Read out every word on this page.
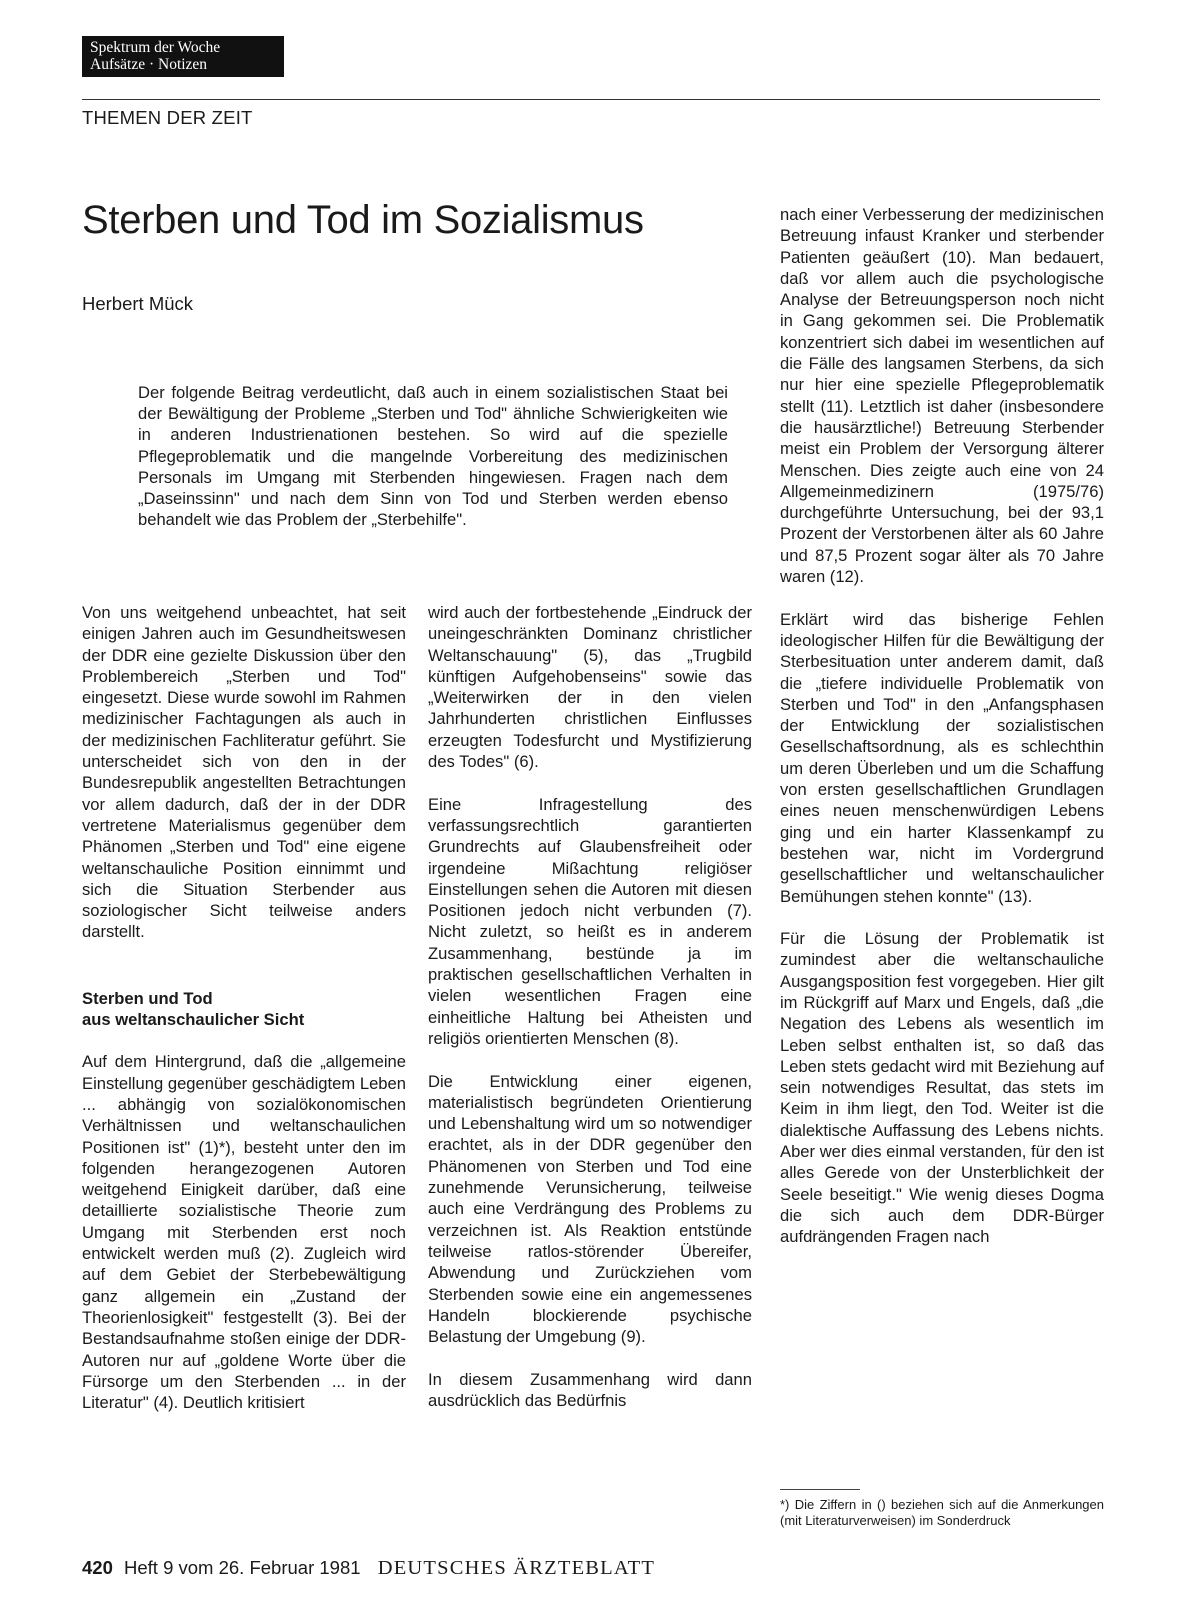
Spektrum der Woche
Aufsätze · Notizen
THEMEN DER ZEIT
Sterben und Tod im Sozialismus
Herbert Mück

Der folgende Beitrag verdeutlicht, daß auch in einem sozialistischen Staat bei der Bewältigung der Probleme „Sterben und Tod" ähnliche Schwierigkeiten wie in anderen Industrienationen bestehen. So wird auf die spezielle Pflegeproblematik und die mangelnde Vorbereitung des medizinischen Personals im Umgang mit Sterbenden hingewiesen. Fragen nach dem „Daseinssinn" und nach dem Sinn von Tod und Sterben werden ebenso behandelt wie das Problem der „Sterbehilfe".

Von uns weitgehend unbeachtet, hat seit einigen Jahren auch im Gesundheitswesen der DDR eine gezielte Diskussion über den Problembereich „Sterben und Tod" eingesetzt. Diese wurde sowohl im Rahmen medizinischer Fachtagungen als auch in der medizinischen Fachliteratur geführt. Sie unterscheidet sich von den in der Bundesrepublik angestellten Betrachtungen vor allem dadurch, daß der in der DDR vertretene Materialismus gegenüber dem Phänomen „Sterben und Tod" eine eigene weltanschauliche Position einnimmt und sich die Situation Sterbender aus soziologischer Sicht teilweise anders darstellt.

Sterben und Tod
aus weltanschaulicher Sicht

Auf dem Hintergrund, daß die „allgemeine Einstellung gegenüber geschädigtem Leben ... abhängig von sozialökonomischen Verhältnissen und weltanschaulichen Positionen ist" (1)*), besteht unter den im folgenden herangezogenen Autoren weitgehend Einigkeit darüber, daß eine detaillierte sozialistische Theorie zum Umgang mit Sterbenden erst noch entwickelt werden muß (2). Zugleich wird auf dem Gebiet der Sterbebewältigung ganz allgemein ein „Zustand der Theorienlosigkeit" festgestellt (3). Bei der Bestandsaufnahme stoßen einige der DDR-Autoren nur auf „goldene Worte über die Fürsorge um den Sterbenden ... in der Literatur" (4). Deutlich kritisiert

wird auch der fortbestehende „Eindruck der uneingeschränkten Dominanz christlicher Weltanschauung" (5), das „Trugbild künftigen Aufgehobenseins" sowie das „Weiterwirken der in den vielen Jahrhunderten christlichen Einflusses erzeugten Todesfurcht und Mystifizierung des Todes" (6).

Eine Infragestellung des verfassungsrechtlich garantierten Grundrechts auf Glaubensfreiheit oder irgendeine Mißachtung religiöser Einstellungen sehen die Autoren mit diesen Positionen jedoch nicht verbunden (7). Nicht zuletzt, so heißt es in anderem Zusammenhang, bestünde ja im praktischen gesellschaftlichen Verhalten in vielen wesentlichen Fragen eine einheitliche Haltung bei Atheisten und religiös orientierten Menschen (8).

Die Entwicklung einer eigenen, materialistisch begründeten Orientierung und Lebenshaltung wird um so notwendiger erachtet, als in der DDR gegenüber den Phänomenen von Sterben und Tod eine zunehmende Verunsicherung, teilweise auch eine Verdrängung des Problems zu verzeichnen ist. Als Reaktion entstünde teilweise ratlos-störender Übereifer, Abwendung und Zurückziehen vom Sterbenden sowie eine ein angemessenes Handeln blockierende psychische Belastung der Umgebung (9).

In diesem Zusammenhang wird dann ausdrücklich das Bedürfnis

nach einer Verbesserung der medizinischen Betreuung infaust Kranker und sterbender Patienten geäußert (10). Man bedauert, daß vor allem auch die psychologische Analyse der Betreuungsperson noch nicht in Gang gekommen sei. Die Problematik konzentriert sich dabei im wesentlichen auf die Fälle des langsamen Sterbens, da sich nur hier eine spezielle Pflegeproblematik stellt (11). Letztlich ist daher (insbesondere die hausärztliche!) Betreuung Sterbender meist ein Problem der Versorgung älterer Menschen. Dies zeigte auch eine von 24 Allgemeinmedizinern (1975/76) durchgeführte Untersuchung, bei der 93,1 Prozent der Verstorbenen älter als 60 Jahre und 87,5 Prozent sogar älter als 70 Jahre waren (12).

Erklärt wird das bisherige Fehlen ideologischer Hilfen für die Bewältigung der Sterbesituation unter anderem damit, daß die „tiefere individuelle Problematik von Sterben und Tod" in den „Anfangsphasen der Entwicklung der sozialistischen Gesellschaftsordnung, als es schlechthin um deren Überleben und um die Schaffung von ersten gesellschaftlichen Grundlagen eines neuen menschenwürdigen Lebens ging und ein harter Klassenkampf zu bestehen war, nicht im Vordergrund gesellschaftlicher und weltanschaulicher Bemühungen stehen konnte" (13).

Für die Lösung der Problematik ist zumindest aber die weltanschauliche Ausgangsposition fest vorgegeben. Hier gilt im Rückgriff auf Marx und Engels, daß „die Negation des Lebens als wesentlich im Leben selbst enthalten ist, so daß das Leben stets gedacht wird mit Beziehung auf sein notwendiges Resultat, das stets im Keim in ihm liegt, den Tod. Weiter ist die dialektische Auffassung des Lebens nichts. Aber wer dies einmal verstanden, für den ist alles Gerede von der Unsterblichkeit der Seele beseitigt." Wie wenig dieses Dogma die sich auch dem DDR-Bürger aufdrängenden Fragen nach

*) Die Ziffern in () beziehen sich auf die Anmerkungen (mit Literaturverweisen) im Sonderdruck

420 Heft 9 vom 26. Februar 1981 DEUTSCHES ÄRZTEBLATT
